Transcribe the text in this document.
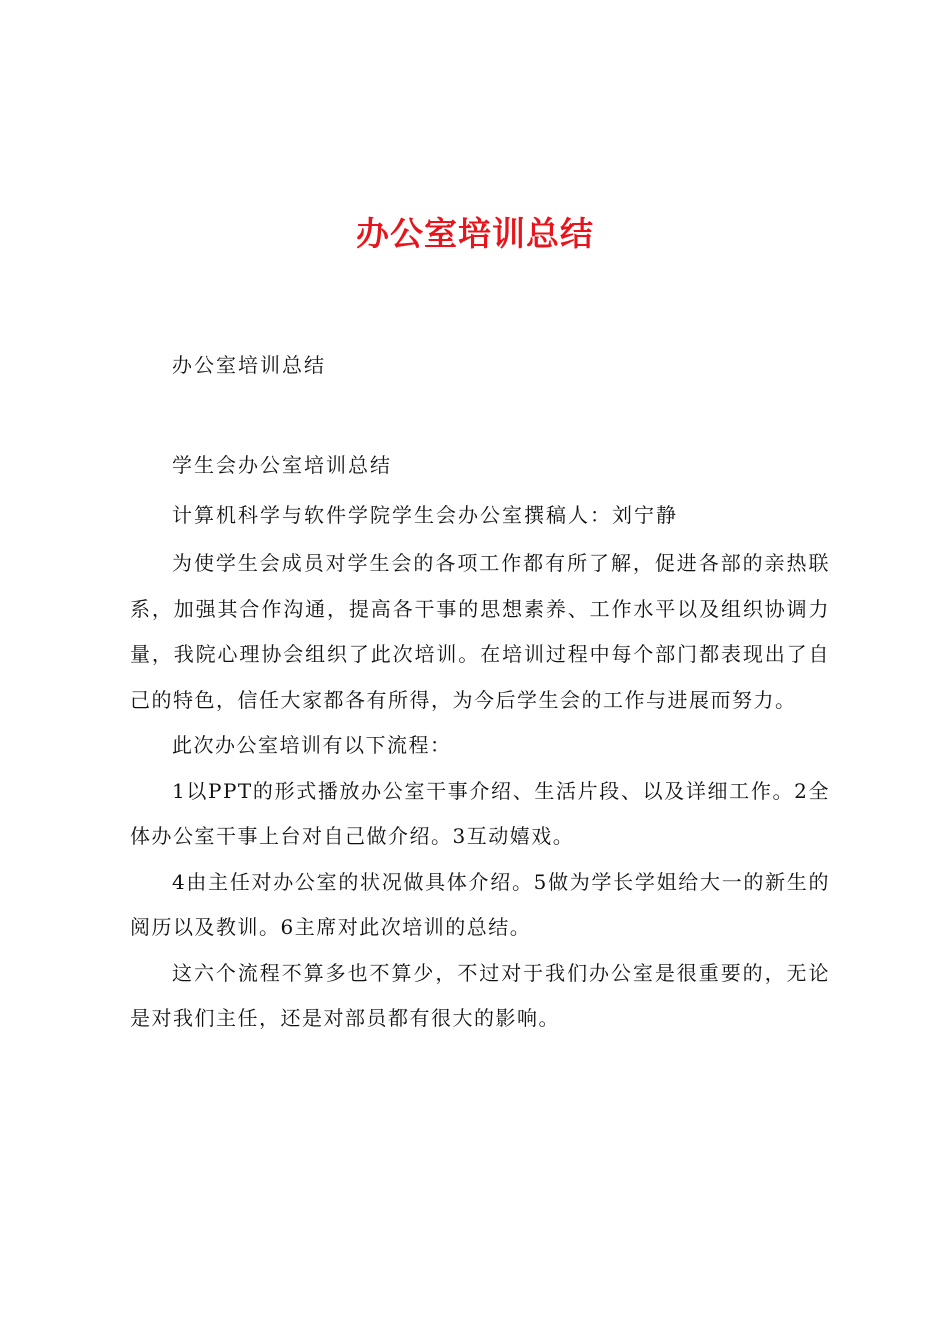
办公室培训总结
办公室培训总结
学生会办公室培训总结
计算机科学与软件学院学生会办公室撰稿人：刘宁静

为使学生会成员对学生会的各项工作都有所了解，促进各部的亲热联系，加强其合作沟通，提高各干事的思想素养、工作水平以及组织协调力量，我院心理协会组织了此次培训。在培训过程中每个部门都表现出了自己的特色，信任大家都各有所得，为今后学生会的工作与进展而努力。

此次办公室培训有以下流程：

1以PPT的形式播放办公室干事介绍、生活片段、以及详细工作。2全体办公室干事上台对自己做介绍。3互动嬉戏。

4由主任对办公室的状况做具体介绍。5做为学长学姐给大一的新生的阅历以及教训。6主席对此次培训的总结。

这六个流程不算多也不算少，不过对于我们办公室是很重要的，无论是对我们主任，还是对部员都有很大的影响。
